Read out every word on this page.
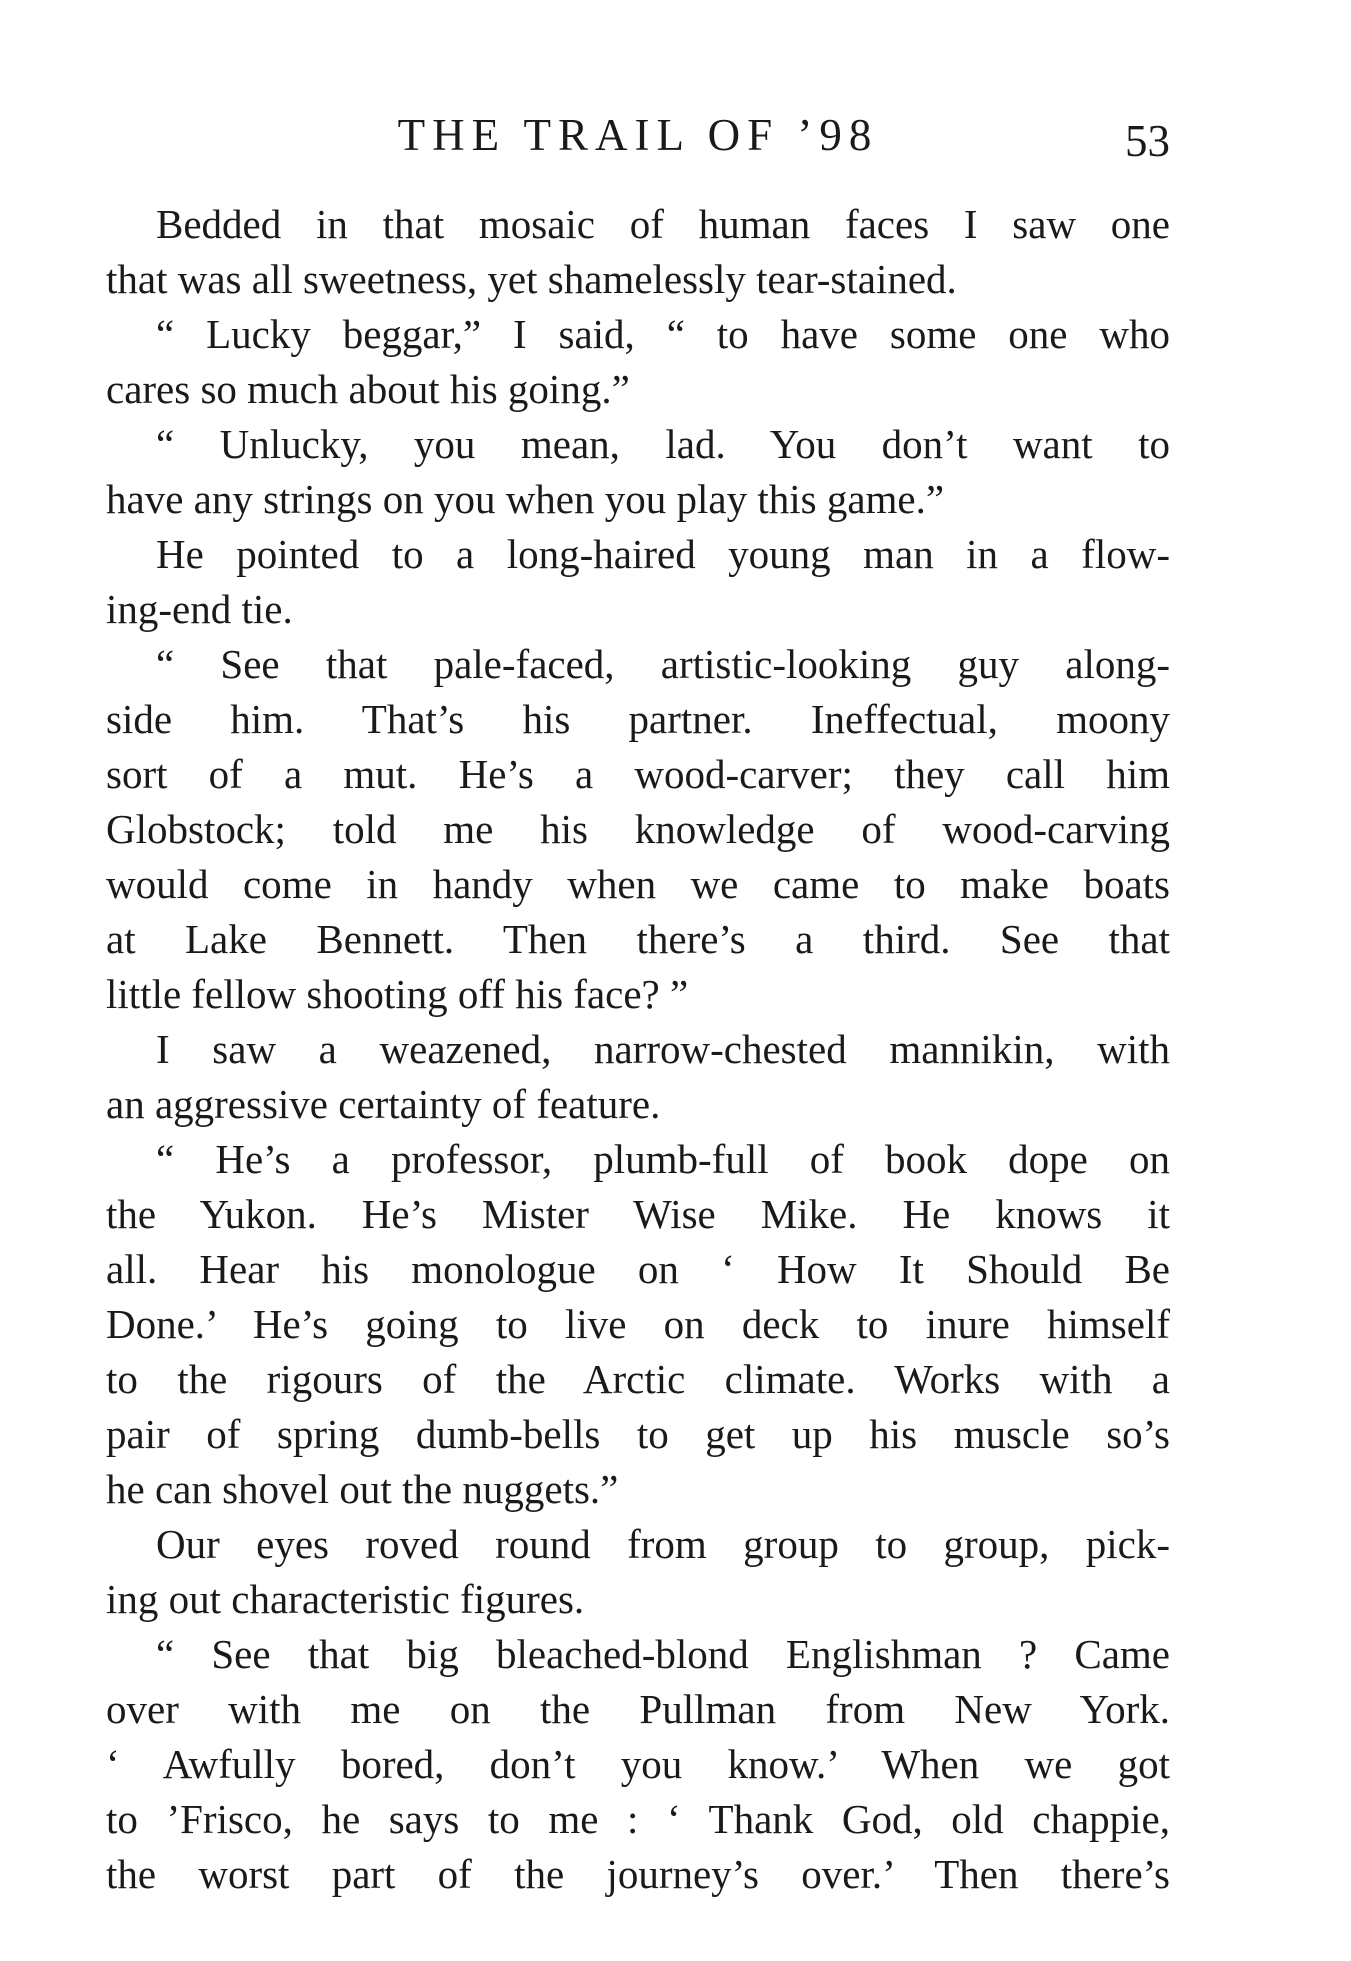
THE TRAIL OF ’98	53
Bedded in that mosaic of human faces I saw one
that was all sweetness, yet shamelessly tear-stained.
“ Lucky beggar,” I said, “ to have some one who
cares so much about his going.”
“ Unlucky, you mean, lad. You don’t want to
have any strings on you when you play this game.”
He pointed to a long-haired young man in a flow-
ing-end tie.
“ See that pale-faced, artistic-looking guy along-
side him. That’s his partner. Ineffectual, moony
sort of a mut. He’s a wood-carver; they call him
Globstock; told me his knowledge of wood-carving
would come in handy when we came to make boats
at Lake Bennett. Then there’s a third. See that
little fellow shooting off his face? ”
I saw a weazened, narrow-chested mannikin, with
an aggressive certainty of feature.
“ He’s a professor, plumb-full of book dope on
the Yukon. He’s Mister Wise Mike. He knows it
all. Hear his monologue on ‘ How It Should Be
Done.’ He’s going to live on deck to inure himself
to the rigours of the Arctic climate. Works with a
pair of spring dumb-bells to get up his muscle so’s
he can shovel out the nuggets.”
Our eyes roved round from group to group, pick-
ing out characteristic figures.
“ See that big bleached-blond Englishman ? Came
over with me on the Pullman from New York.
‘ Awfully bored, don’t you know.’ When we got
to ’Frisco, he says to me : ‘ Thank God, old chappie,
the worst part of the journey’s over.’ Then there’s
